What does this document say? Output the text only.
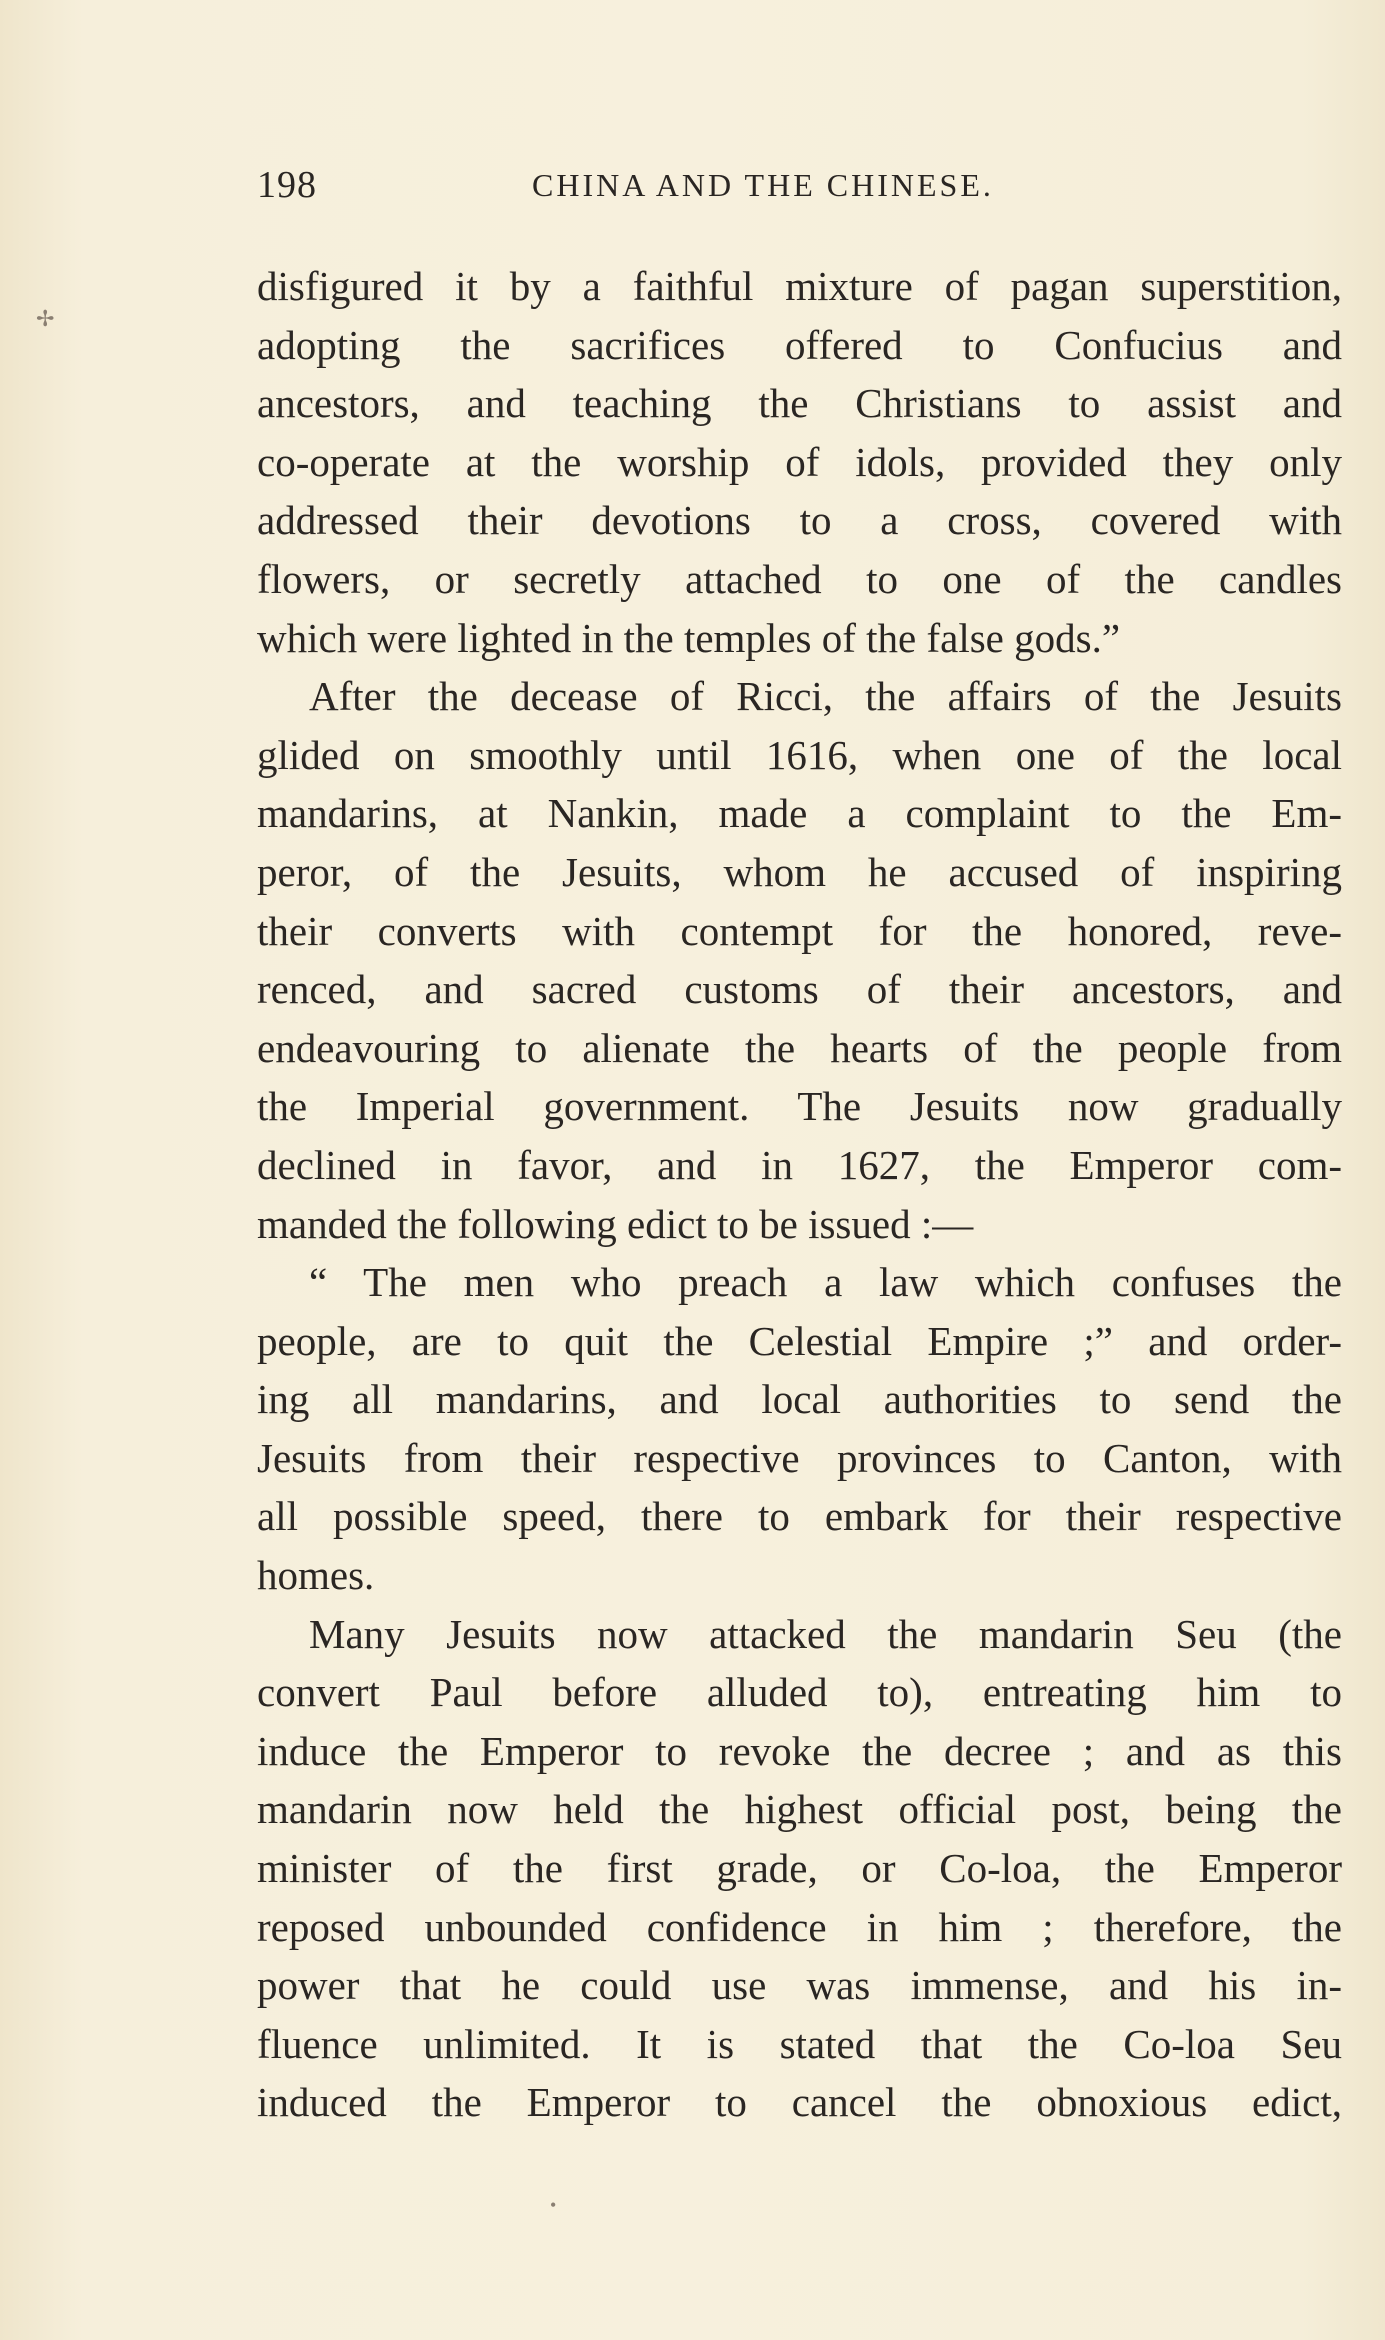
✢
198	CHINA AND THE CHINESE.
disfigured it by a faithful mixture of pagan superstition,
adopting the sacrifices offered to Confucius and
ancestors, and teaching the Christians to assist and
co-operate at the worship of idols, provided they only
addressed their devotions to a cross, covered with
flowers, or secretly attached to one of the candles
which were lighted in the temples of the false gods.”
After the decease of Ricci, the affairs of the Jesuits
glided on smoothly until 1616, when one of the local
mandarins, at Nankin, made a complaint to the Em-
peror, of the Jesuits, whom he accused of inspiring
their converts with contempt for the honored, reve-
renced, and sacred customs of their ancestors, and
endeavouring to alienate the hearts of the people from
the Imperial government. The Jesuits now gradually
declined in favor, and in 1627, the Emperor com-
manded the following edict to be issued :—
“ The men who preach a law which confuses the
people, are to quit the Celestial Empire ;” and order-
ing all mandarins, and local authorities to send the
Jesuits from their respective provinces to Canton, with
all possible speed, there to embark for their respective
homes.
Many Jesuits now attacked the mandarin Seu (the
convert Paul before alluded to), entreating him to
induce the Emperor to revoke the decree ; and as this
mandarin now held the highest official post, being the
minister of the first grade, or Co-loa, the Emperor
reposed unbounded confidence in him ; therefore, the
power that he could use was immense, and his in-
fluence unlimited. It is stated that the Co-loa Seu
induced the Emperor to cancel the obnoxious edict,
•
